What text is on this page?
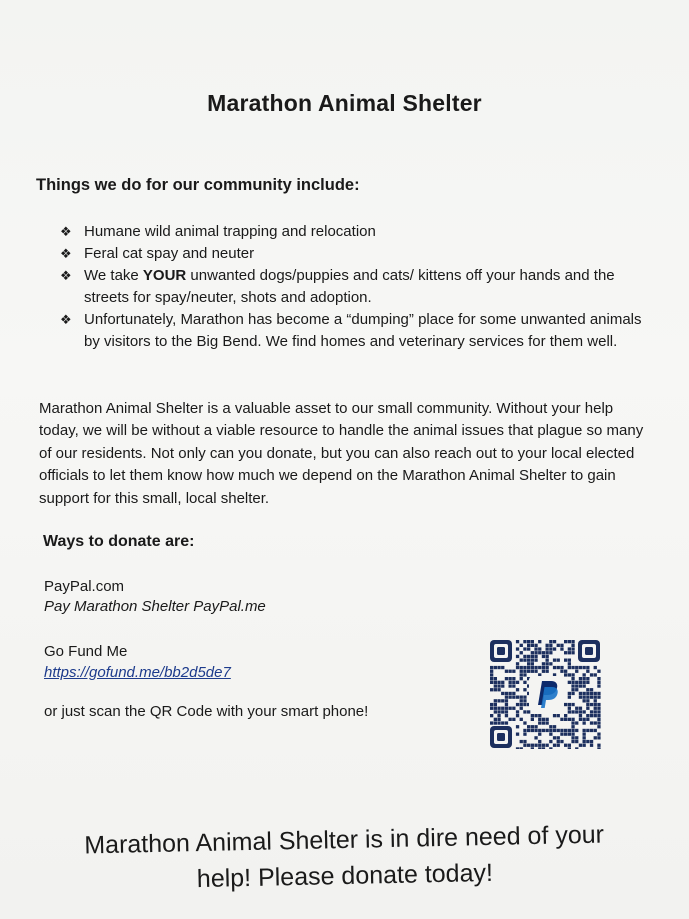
Marathon Animal Shelter
Things we do for our community include:
❖ Humane wild animal trapping and relocation
❖ Feral cat spay and neuter
❖ We take YOUR unwanted dogs/puppies and cats/ kittens off your hands and the streets for spay/neuter, shots and adoption.
❖ Unfortunately, Marathon has become a “dumping” place for some unwanted animals by visitors to the Big Bend. We find homes and veterinary services for them well.

Marathon Animal Shelter is a valuable asset to our small community. Without your help today, we will be without a viable resource to handle the animal issues that plague so many of our residents. Not only can you donate, but you can also reach out to your local elected officials to let them know how much we depend on the Marathon Animal Shelter to gain support for this small, local shelter.

Ways to donate are:
PayPal.com
Pay Marathon Shelter PayPal.me
Go Fund Me
https://gofund.me/bb2d5de7
or just scan the QR Code with your smart phone!
Marathon Animal Shelter is in dire need of your
help! Please donate today!
